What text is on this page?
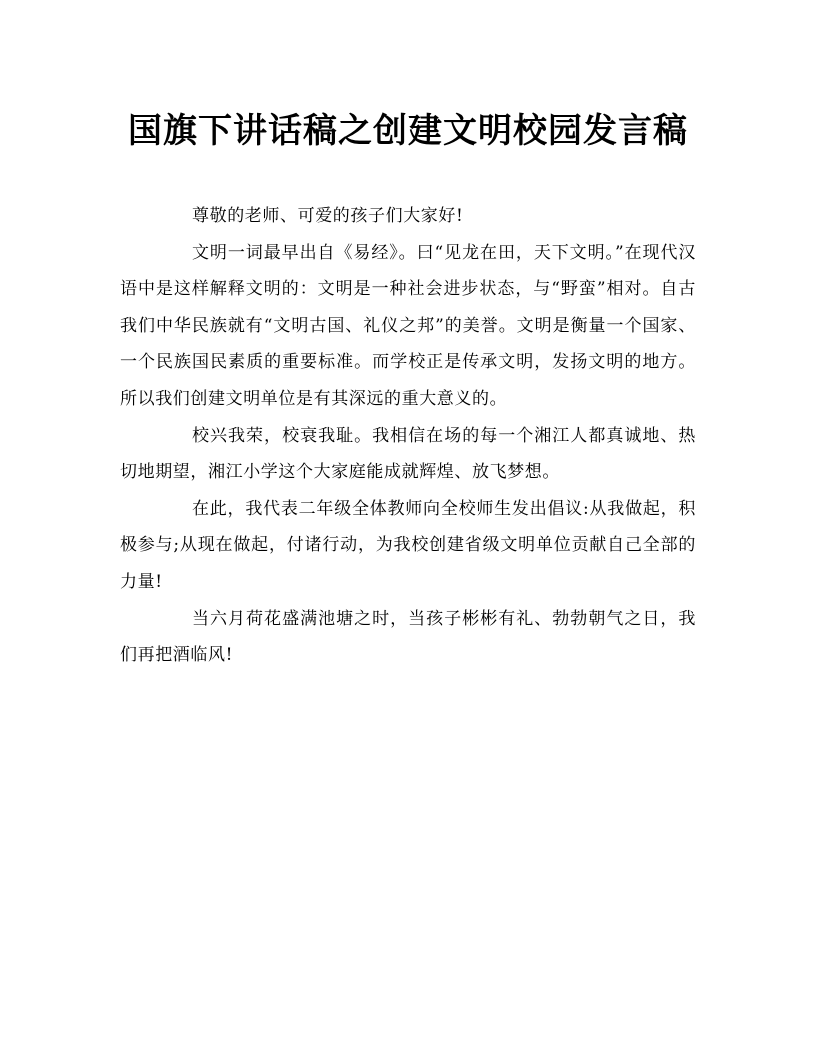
国旗下讲话稿之创建文明校园发言稿

尊敬的老师、可爱的孩子们大家好!

文明一词最早出自《易经》。曰“见龙在田，天下文明。”在现代汉语中是这样解释文明的：文明是一种社会进步状态，与“野蛮”相对。自古我们中华民族就有“文明古国、礼仪之邦”的美誉。文明是衡量一个国家、一个民族国民素质的重要标准。而学校正是传承文明，发扬文明的地方。所以我们创建文明单位是有其深远的重大意义的。

校兴我荣，校衰我耻。我相信在场的每一个湘江人都真诚地、热切地期望，湘江小学这个大家庭能成就辉煌、放飞梦想。

在此，我代表二年级全体教师向全校师生发出倡议:从我做起，积极参与;从现在做起，付诸行动，为我校创建省级文明单位贡献自己全部的力量!

当六月荷花盛满池塘之时，当孩子彬彬有礼、勃勃朝气之日，我们再把酒临风!
